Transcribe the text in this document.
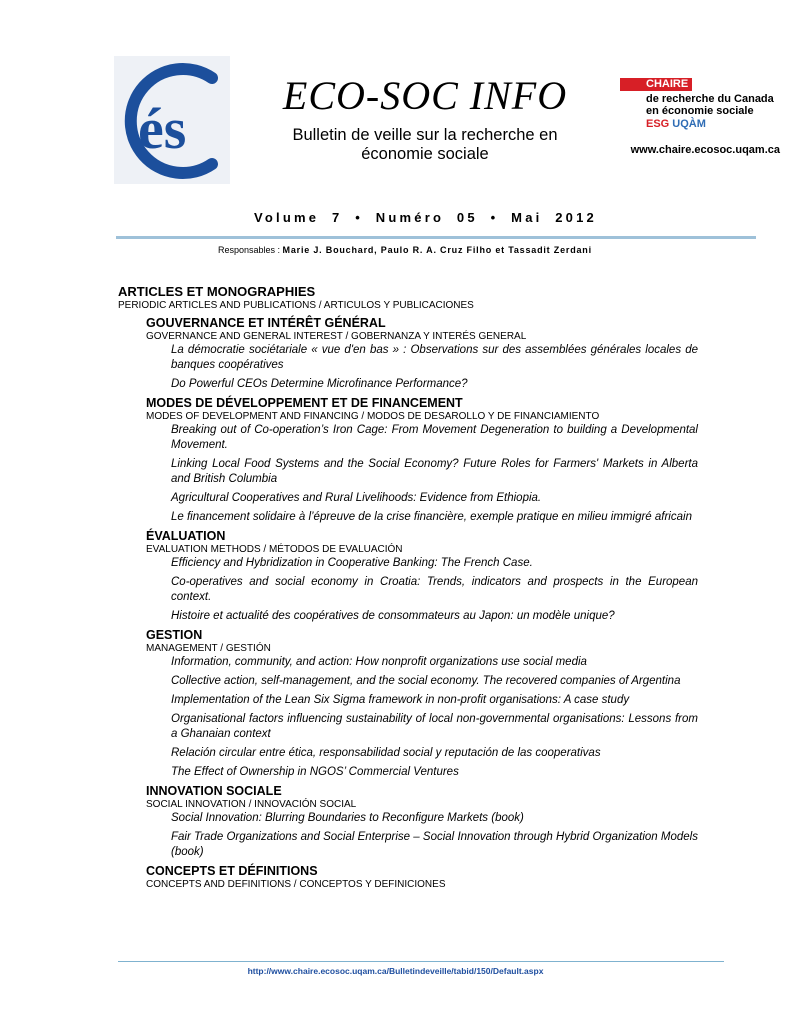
és
ECO-SOC INFO
Bulletin de veille sur la recherche en économie sociale
CHAIRE
de recherche du Canada
en économie sociale
ESG UQÀM
www.chaire.ecosoc.uqam.ca
Volume 7 • Numéro 05 • Mai 2012
Responsables : Marie J. Bouchard, Paulo R. A. Cruz Filho et Tassadit Zerdani
ARTICLES ET MONOGRAPHIES
PERIODIC ARTICLES AND PUBLICATIONS / ARTICULOS Y PUBLICACIONES
GOUVERNANCE ET INTÉRÊT GÉNÉRAL
GOVERNANCE AND GENERAL INTEREST / GOBERNANZA Y INTERÉS GENERAL
La démocratie sociétariale « vue d'en bas » : Observations sur des assemblées générales locales de banques coopératives
Do Powerful CEOs Determine Microfinance Performance?
MODES DE DÉVELOPPEMENT ET DE FINANCEMENT
MODES OF DEVELOPMENT AND FINANCING / MODOS DE DESAROLLO Y DE FINANCIAMIENTO
Breaking out of Co-operation’s Iron Cage: From Movement Degeneration to building a Developmental Movement.
Linking Local Food Systems and the Social Economy? Future Roles for Farmers' Markets in Alberta and British Columbia
Agricultural Cooperatives and Rural Livelihoods: Evidence from Ethiopia.
Le financement solidaire à l’épreuve de la crise financière, exemple pratique en milieu immigré africain
ÉVALUATION
EVALUATION METHODS / MÉTODOS DE EVALUACIÓN
Efficiency and Hybridization in Cooperative Banking: The French Case.
Co-operatives and social economy in Croatia: Trends, indicators and prospects in the European context.
Histoire et actualité des coopératives de consommateurs au Japon: un modèle unique?
GESTION
MANAGEMENT / GESTIÓN
Information, community, and action: How nonprofit organizations use social media
Collective action, self-management, and the social economy. The recovered companies of Argentina
Implementation of the Lean Six Sigma framework in non-profit organisations: A case study
Organisational factors influencing sustainability of local non-governmental organisations: Lessons from a Ghanaian context
Relación circular entre ética, responsabilidad social y reputación de las cooperativas
The Effect of Ownership in NGOS’ Commercial Ventures
INNOVATION SOCIALE
SOCIAL INNOVATION / INNOVACIÓN SOCIAL
Social Innovation: Blurring Boundaries to Reconfigure Markets (book)
Fair Trade Organizations and Social Enterprise – Social Innovation through Hybrid Organization Models (book)
CONCEPTS ET DÉFINITIONS
CONCEPTS AND DEFINITIONS / CONCEPTOS Y DEFINICIONES
http://www.chaire.ecosoc.uqam.ca/Bulletindeveille/tabid/150/Default.aspx
